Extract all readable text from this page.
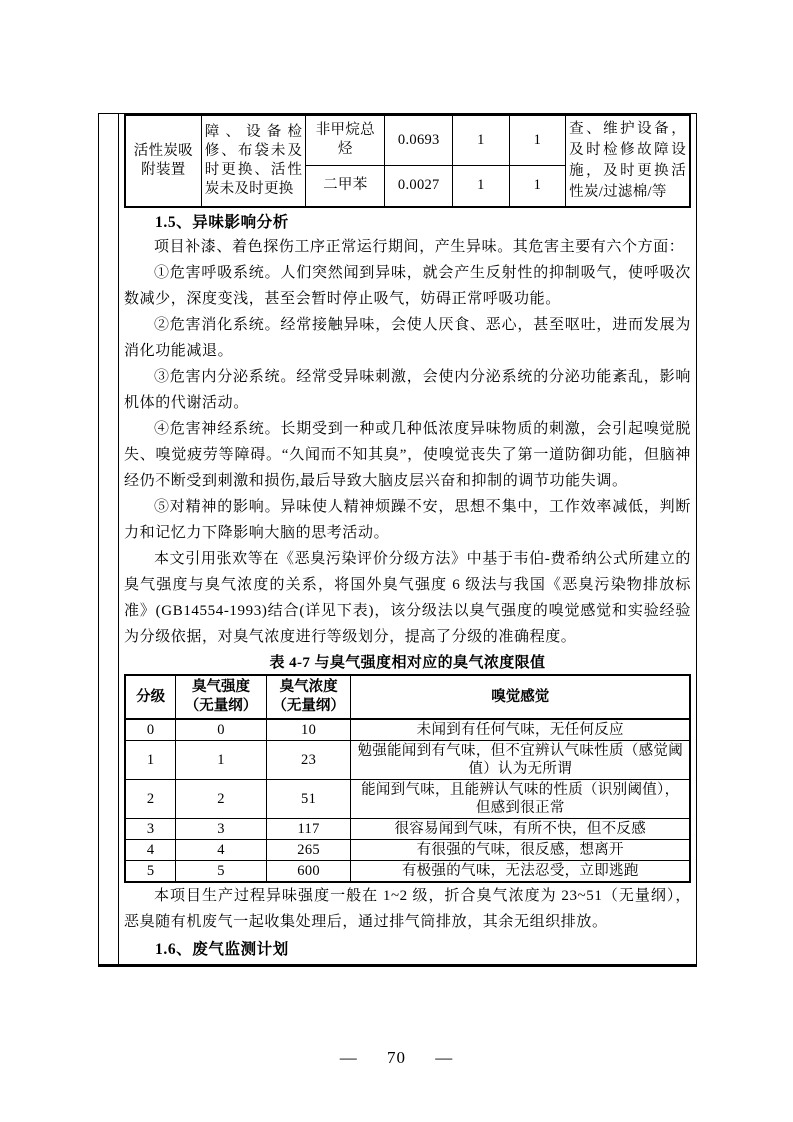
活性炭吸附装置	障、设备检修、布袋未及时更换、活性炭未及时更换	非甲烷总烃	0.0693	1	1	查、维护设备，及时检修故障设施，及时更换活性炭/过滤棉/等
		二甲苯	0.0027	1	1	
1.5、异味影响分析

项目补漆、着色探伤工序正常运行期间，产生异味。其危害主要有六个方面：

①危害呼吸系统。人们突然闻到异味，就会产生反射性的抑制吸气，使呼吸次数减少，深度变浅，甚至会暂时停止吸气，妨碍正常呼吸功能。

②危害消化系统。经常接触异味，会使人厌食、恶心，甚至呕吐，进而发展为消化功能减退。

③危害内分泌系统。经常受异味刺激，会使内分泌系统的分泌功能紊乱，影响机体的代谢活动。

④危害神经系统。长期受到一种或几种低浓度异味物质的刺激，会引起嗅觉脱失、嗅觉疲劳等障碍。“久闻而不知其臭”，使嗅觉丧失了第一道防御功能，但脑神经仍不断受到刺激和损伤,最后导致大脑皮层兴奋和抑制的调节功能失调。

⑤对精神的影响。异味使人精神烦躁不安，思想不集中，工作效率减低，判断力和记忆力下降影响大脑的思考活动。

本文引用张欢等在《恶臭污染评价分级方法》中基于韦伯-费希纳公式所建立的臭气强度与臭气浓度的关系，将国外臭气强度 6 级法与我国《恶臭污染物排放标准》(GB14554-1993)结合(详见下表)，该分级法以臭气强度的嗅觉感觉和实验经验为分级依据，对臭气浓度进行等级划分，提高了分级的准确程度。

表 4-7 与臭气强度相对应的臭气浓度限值
分级	臭气强度（无量纲）	臭气浓度（无量纲）	嗅觉感觉
0	0	10	未闻到有任何气味，无任何反应
1	1	23	勉强能闻到有气味，但不宜辨认气味性质（感觉阈值）认为无所谓
2	2	51	能闻到气味，且能辨认气味的性质（识别阈值），但感到很正常
3	3	117	很容易闻到气味，有所不快，但不反感
4	4	265	有很强的气味，很反感，想离开
5	5	600	有极强的气味，无法忍受，立即逃跑

本项目生产过程异味强度一般在 1~2 级，折合臭气浓度为 23~51（无量纲），恶臭随有机废气一起收集处理后，通过排气筒排放，其余无组织排放。

1.6、废气监测计划
— 70 —
